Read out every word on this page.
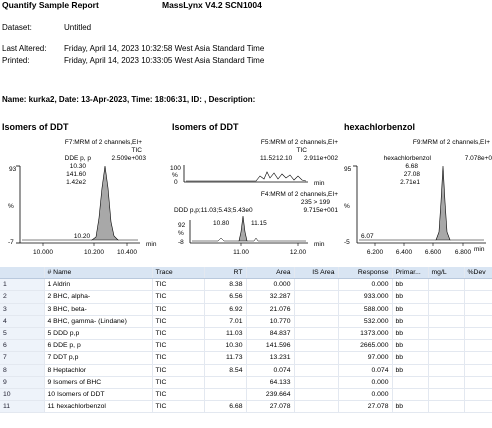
Quantify Sample Report	MassLynx V4.2 SCN1004
Dataset:	Untitled
Last Altered: Friday, April 14, 2023 10:32:58 West Asia Standard Time
Printed:	Friday, April 14, 2023 10:33:05 West Asia Standard Time
Name: kurka2, Date: 13-Apr-2023, Time: 18:06:31, ID: , Description:
Isomers of DDT	Isomers of DDT	hexachlorbenzol
F7:MRM of 2 channels,EI+
TIC
2.509e+003
DDE p, p
10.30
141.60
1.42e2
93
%
-7
10.20
10.000	10.200 10.400
min
F5:MRM of 2 channels,EI+
TIC
11.52 12.10 2.911e+002
100
%
0	min
F4:MRM of 2 channels,EI+
235 > 199
9.715e+001
DDD p,p;11.03;5.43;5.43e0
92
%
-8
10.80	11.15
11.00	12.00
min
F9:MRM of 2 channels,EI+
7.078e+0
hexachlorbenzol
6.68
27.08
2.71e1
95
%
-5
6.07
6.200 6.400 6.600 6.800 min
	# Name	Trace	RT	Area	IS Area	Response	Primar...	mg/L	%Dev
1	1 Aldrin	TIC	8.38	0.000		0.000	bb		
2	2 BHC, alpha-	TIC	6.56	32.287		933.000	bb		
3	3 BHC, beta-	TIC	6.92	21.076		588.000	bb		
4	4 BHC, gamma- (Lindane)	TIC	7.01	10.770		532.000	bb		
5	5 DDD p,p	TIC	11.03	84.837		1373.000	bb		
6	6 DDE p, p	TIC	10.30	141.596		2665.000	bb		
7	7 DDT p,p	TIC	11.73	13.231		97.000	bb		
8	8 Heptachlor	TIC	8.54	0.074		0.074	bb		
9	9 Isomers of BHC	TIC		64.133		0.000			
10	10 Isomers of DDT	TIC		239.664		0.000			
11	11 hexachlorbenzol	TIC	6.68	27.078		27.078	bb		
